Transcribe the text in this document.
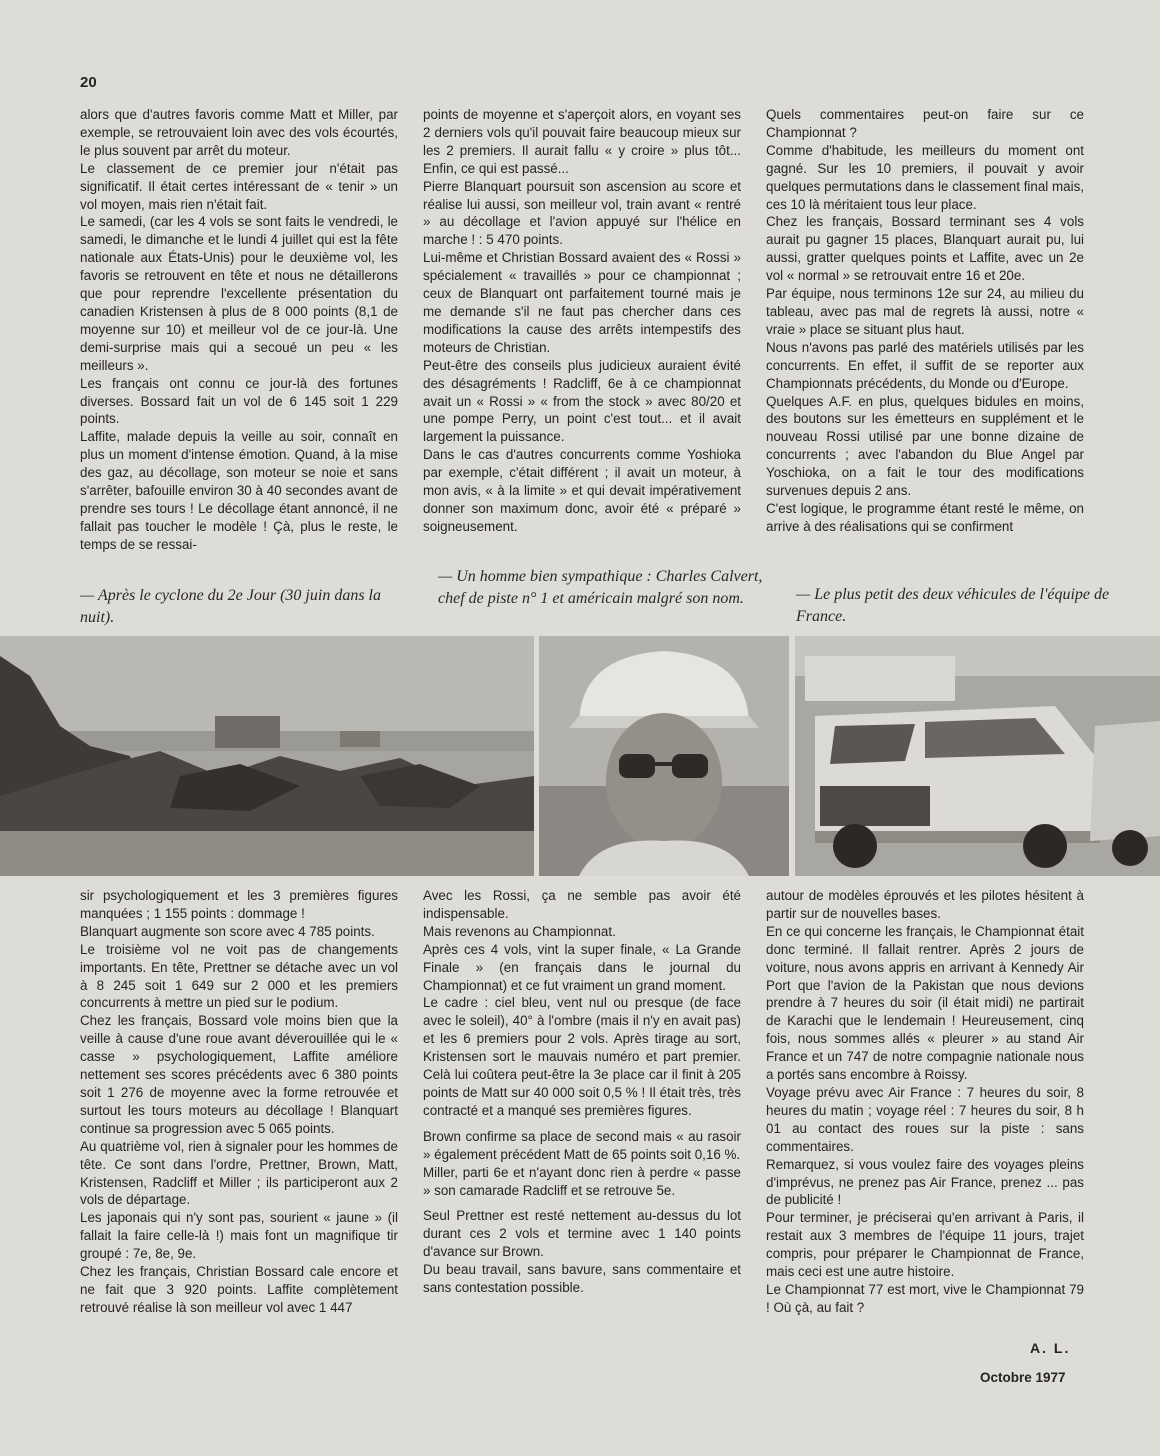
20

alors que d'autres favoris comme Matt et Miller, par exemple, se retrouvaient loin avec des vols écourtés, le plus souvent par arrêt du moteur.

Le classement de ce premier jour n'était pas significatif. Il était certes intéressant de « tenir » un vol moyen, mais rien n'était fait.

Le samedi, (car les 4 vols se sont faits le vendredi, le samedi, le dimanche et le lundi 4 juillet qui est la fête nationale aux États-Unis) pour le deuxième vol, les favoris se retrouvent en tête et nous ne détaillerons que pour reprendre l'excellente présentation du canadien Kristensen à plus de 8 000 points (8,1 de moyenne sur 10) et meilleur vol de ce jour-là. Une demi-surprise mais qui a secoué un peu « les meilleurs ».

Les français ont connu ce jour-là des fortunes diverses. Bossard fait un vol de 6 145 soit 1 229 points.

Laffite, malade depuis la veille au soir, connaît en plus un moment d'intense émotion. Quand, à la mise des gaz, au décollage, son moteur se noie et sans s'arrêter, bafouille environ 30 à 40 secondes avant de prendre ses tours ! Le décollage étant annoncé, il ne fallait pas toucher le modèle ! Çà, plus le reste, le temps de se ressai-

points de moyenne et s'aperçoit alors, en voyant ses 2 derniers vols qu'il pouvait faire beaucoup mieux sur les 2 premiers. Il aurait fallu « y croire » plus tôt... Enfin, ce qui est passé...

Pierre Blanquart poursuit son ascension au score et réalise lui aussi, son meilleur vol, train avant « rentré » au décollage et l'avion appuyé sur l'hélice en marche ! : 5 470 points.

Lui-même et Christian Bossard avaient des « Rossi » spécialement « travaillés » pour ce championnat ; ceux de Blanquart ont parfaitement tourné mais je me demande s'il ne faut pas chercher dans ces modifications la cause des arrêts intempestifs des moteurs de Christian.

Peut-être des conseils plus judicieux auraient évité des désagréments ! Radcliff, 6e à ce championnat avait un « Rossi » « from the stock » avec 80/20 et une pompe Perry, un point c'est tout... et il avait largement la puissance.

Dans le cas d'autres concurrents comme Yoshioka par exemple, c'était différent ; il avait un moteur, à mon avis, « à la limite » et qui devait impérativement donner son maximum donc, avoir été « préparé » soigneusement.

Quels commentaires peut-on faire sur ce Championnat ?

Comme d'habitude, les meilleurs du moment ont gagné. Sur les 10 premiers, il pouvait y avoir quelques permutations dans le classement final mais, ces 10 là méritaient tous leur place.

Chez les français, Bossard terminant ses 4 vols aurait pu gagner 15 places, Blanquart aurait pu, lui aussi, gratter quelques points et Laffite, avec un 2e vol « normal » se retrouvait entre 16 et 20e.

Par équipe, nous terminons 12e sur 24, au milieu du tableau, avec pas mal de regrets là aussi, notre « vraie » place se situant plus haut.

Nous n'avons pas parlé des matériels utilisés par les concurrents. En effet, il suffit de se reporter aux Championnats précédents, du Monde ou d'Europe.

Quelques A.F. en plus, quelques bidules en moins, des boutons sur les émetteurs en supplément et le nouveau Rossi utilisé par une bonne dizaine de concurrents ; avec l'abandon du Blue Angel par Yoschioka, on a fait le tour des modifications survenues depuis 2 ans.

C'est logique, le programme étant resté le même, on arrive à des réalisations qui se confirment

— Après le cyclone du 2e Jour (30 juin dans la nuit).
— Un homme bien sympathique : Charles Calvert, chef de piste n° 1 et américain malgré son nom.	— Le plus petit des deux véhicules de l'équipe de France.

sir psychologiquement et les 3 premières figures manquées ; 1 155 points : dommage !

Blanquart augmente son score avec 4 785 points.

Le troisième vol ne voit pas de changements importants. En tête, Prettner se détache avec un vol à 8 245 soit 1 649 sur 2 000 et les premiers concurrents à mettre un pied sur le podium.

Chez les français, Bossard vole moins bien que la veille à cause d'une roue avant déverouillée qui le « casse » psychologiquement, Laffite améliore nettement ses scores précédents avec 6 380 points soit 1 276 de moyenne avec la forme retrouvée et surtout les tours moteurs au décollage ! Blanquart continue sa progression avec 5 065 points.

Au quatrième vol, rien à signaler pour les hommes de tête. Ce sont dans l'ordre, Prettner, Brown, Matt, Kristensen, Radcliff et Miller ; ils participeront aux 2 vols de départage.

Les japonais qui n'y sont pas, sourient « jaune » (il fallait la faire celle-là !) mais font un magnifique tir groupé : 7e, 8e, 9e.

Chez les français, Christian Bossard cale encore et ne fait que 3 920 points. Laffite complètement retrouvé réalise là son meilleur vol avec 1 447

Avec les Rossi, ça ne semble pas avoir été indispensable.

Mais revenons au Championnat.

Après ces 4 vols, vint la super finale, « La Grande Finale » (en français dans le journal du Championnat) et ce fut vraiment un grand moment.

Le cadre : ciel bleu, vent nul ou presque (de face avec le soleil), 40° à l'ombre (mais il n'y en avait pas) et les 6 premiers pour 2 vols. Après tirage au sort, Kristensen sort le mauvais numéro et part premier. Celà lui coûtera peut-être la 3e place car il finit à 205 points de Matt sur 40 000 soit 0,5 % ! Il était très, très contracté et a manqué ses premières figures.

Brown confirme sa place de second mais « au rasoir » également précédent Matt de 65 points soit 0,16 %.

Miller, parti 6e et n'ayant donc rien à perdre « passe » son camarade Radcliff et se retrouve 5e.

Seul Prettner est resté nettement au-dessus du lot durant ces 2 vols et termine avec 1 140 points d'avance sur Brown.

Du beau travail, sans bavure, sans commentaire et sans contestation possible.

autour de modèles éprouvés et les pilotes hésitent à partir sur de nouvelles bases.

En ce qui concerne les français, le Championnat était donc terminé. Il fallait rentrer. Après 2 jours de voiture, nous avons appris en arrivant à Kennedy Air Port que l'avion de la Pakistan que nous devions prendre à 7 heures du soir (il était midi) ne partirait de Karachi que le lendemain ! Heureusement, cinq fois, nous sommes allés « pleurer » au stand Air France et un 747 de notre compagnie nationale nous a portés sans encombre à Roissy.

Voyage prévu avec Air France : 7 heures du soir, 8 heures du matin ; voyage réel : 7 heures du soir, 8 h 01 au contact des roues sur la piste : sans commentaires.

Remarquez, si vous voulez faire des voyages pleins d'imprévus, ne prenez pas Air France, prenez ... pas de publicité !

Pour terminer, je préciserai qu'en arrivant à Paris, il restait aux 3 membres de l'équipe 11 jours, trajet compris, pour préparer le Championnat de France, mais ceci est une autre histoire.

Le Championnat 77 est mort, vive le Championnat 79 ! Où çà, au fait ?

A. L.
Octobre 1977
